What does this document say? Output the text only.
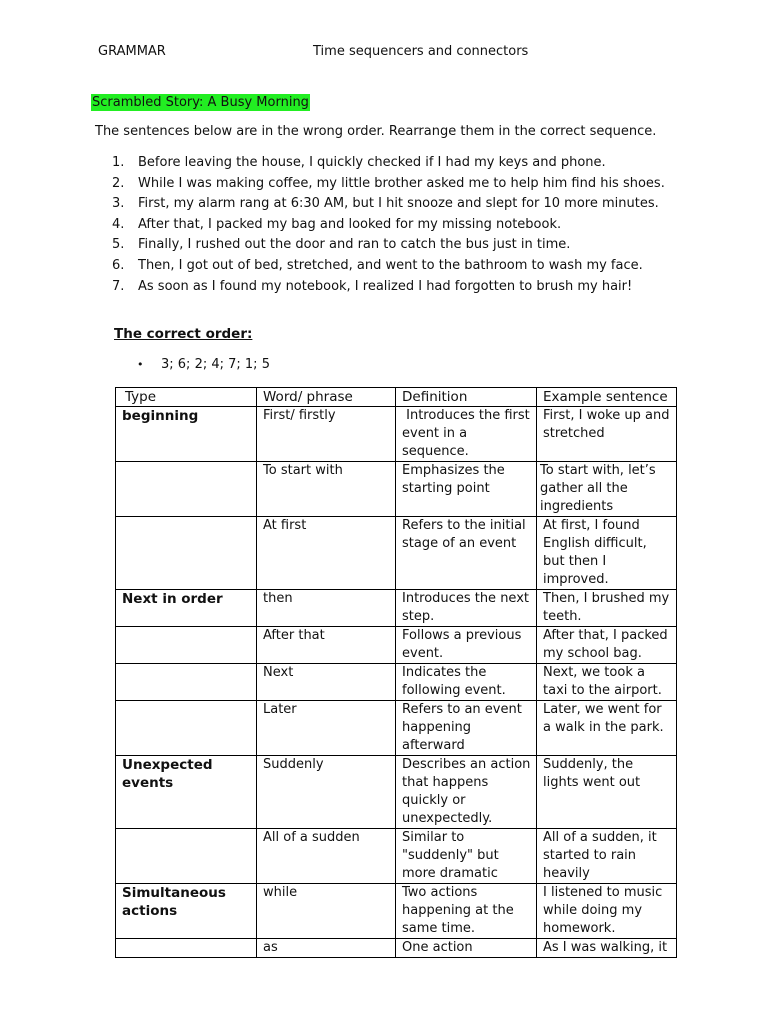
GRAMMAR	Time sequencers and connectors
Scrambled Story: A Busy Morning
The sentences below are in the wrong order. Rearrange them in the correct sequence.
1.	Before leaving the house, I quickly checked if I had my keys and phone.
2.	While I was making coffee, my little brother asked me to help him find his shoes.
3.	First, my alarm rang at 6:30 AM, but I hit snooze and slept for 10 more minutes.
4.	After that, I packed my bag and looked for my missing notebook.
5.	Finally, I rushed out the door and ran to catch the bus just in time.
6.	Then, I got out of bed, stretched, and went to the bathroom to wash my face.
7.	As soon as I found my notebook, I realized I had forgotten to brush my hair!
The correct order:
•	3; 6; 2; 4; 7; 1; 5
Type	Word/ phrase	Definition	Example sentence
beginning	First/ firstly	Introduces the first event in a sequence.	First, I woke up and stretched
	To start with	Emphasizes the starting point	To start with, let’s gather all the ingredients
	At first	Refers to the initial stage of an event	At first, I found English difficult, but then I improved.
Next in order	then	Introduces the next step.	Then, I brushed my teeth.
	After that	Follows a previous event.	After that, I packed my school bag.
	Next	Indicates the following event.	Next, we took a taxi to the airport.
	Later	Refers to an event happening afterward	Later, we went for a walk in the park.
Unexpected events	Suddenly	Describes an action that happens quickly or unexpectedly.	Suddenly, the lights went out
	All of a sudden	Similar to "suddenly" but more dramatic	All of a sudden, it started to rain heavily
Simultaneous actions	while	Two actions happening at the same time.	I listened to music while doing my homework.
	as	One action	As I was walking, it
